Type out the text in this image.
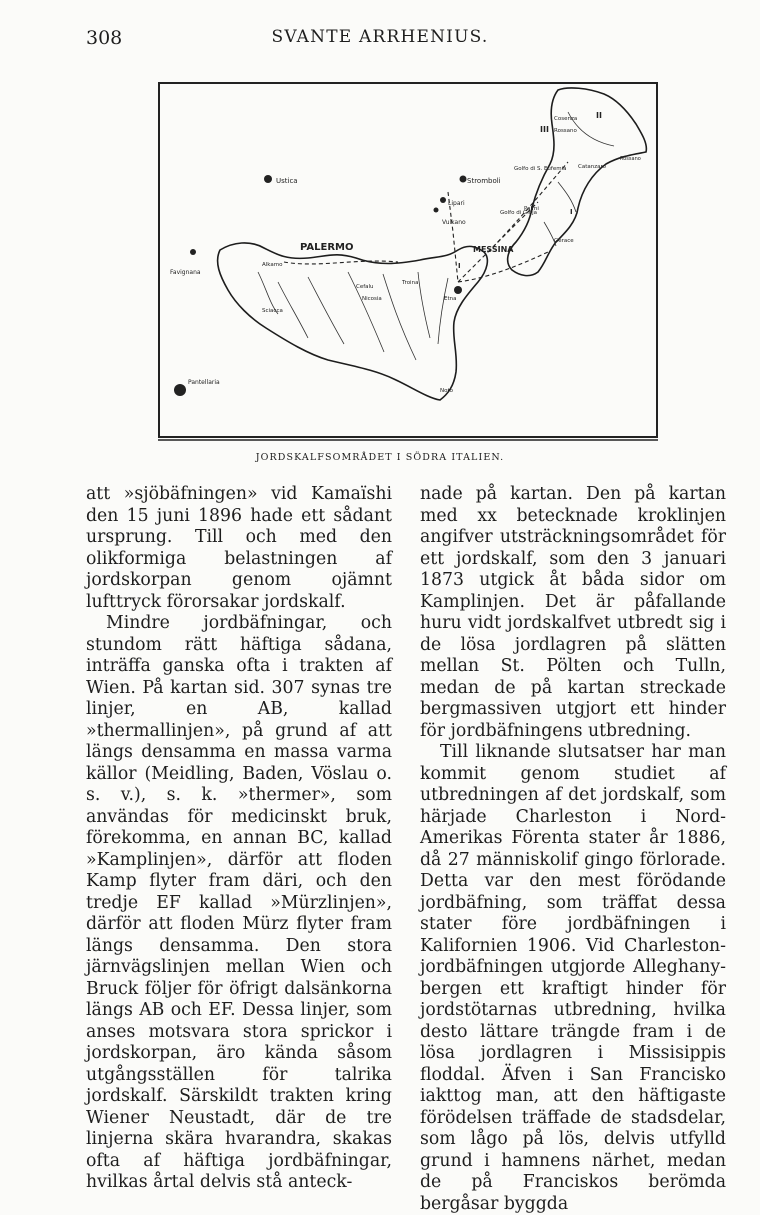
308	SVANTE ARRHENIUS.
Ustica	Stromboli
Lipari
Vulkano
PALERMO	MESSINA
Favignana
Alkamo
Sciacca
Nicosia
Troina
Cefalu
Etna
Noto
Pantellaria
Golfo di S. Eufemia
Golfo di Gioja
Palmi
Gerace
Cosenza
Rossano
Catanzaro
Rossano
II
III
I
I
JORDSKALFSOMRÅDET I SÖDRA ITALIEN.

att »sjöbäfningen» vid Kamaïshi den 15 juni 1896 hade ett sådant ursprung. Till och med den olikformiga belastningen af jordskorpan genom ojämnt lufttryck förorsakar jordskalf.

Mindre jordbäfningar, och stundom rätt häftiga sådana, inträffa ganska ofta i trakten af Wien. På kartan sid. 307 synas tre linjer, en AB, kallad »thermallinjen», på grund af att längs densamma en massa varma källor (Meidling, Baden, Vöslau o. s. v.), s. k. »thermer», som användas för medicinskt bruk, förekomma, en annan BC, kallad »Kamplinjen», därför att floden Kamp flyter fram däri, och den tredje EF kallad »Mürzlinjen», därför att floden Mürz flyter fram längs densamma. Den stora järnvägslinjen mellan Wien och Bruck följer för öfrigt dalsänkorna längs AB och EF. Dessa linjer, som anses motsvara stora sprickor i jordskorpan, äro kända såsom utgångsställen för talrika jordskalf. Särskildt trakten kring Wiener Neustadt, där de tre linjerna skära hvarandra, skakas ofta af häftiga jordbäfningar, hvilkas årtal delvis stå anteck-

nade på kartan. Den på kartan med xx betecknade kroklinjen angifver utsträckningsområdet för ett jordskalf, som den 3 januari 1873 utgick åt båda sidor om Kamplinjen. Det är påfallande huru vidt jordskalfvet utbredt sig i de lösa jordlagren på slätten mellan St. Pölten och Tulln, medan de på kartan streckade bergmassiven utgjort ett hinder för jordbäfningens utbredning.

Till liknande slutsatser har man kommit genom studiet af utbredningen af det jordskalf, som härjade Charleston i Nord-Amerikas Förenta stater år 1886, då 27 människolif gingo förlorade. Detta var den mest förödande jordbäfning, som träffat dessa stater före jordbäfningen i Kalifornien 1906. Vid Charleston-jordbäfningen utgjorde Alleghany-bergen ett kraftigt hinder för jordstötarnas utbredning, hvilka desto lättare trängde fram i de lösa jordlagren i Missisippis floddal. Äfven i San Francisko iakttog man, att den häftigaste förödelsen träffade de stadsdelar, som lågo på lös, delvis utfylld grund i hamnens närhet, medan de på Franciskos berömda bergåsar byggda
